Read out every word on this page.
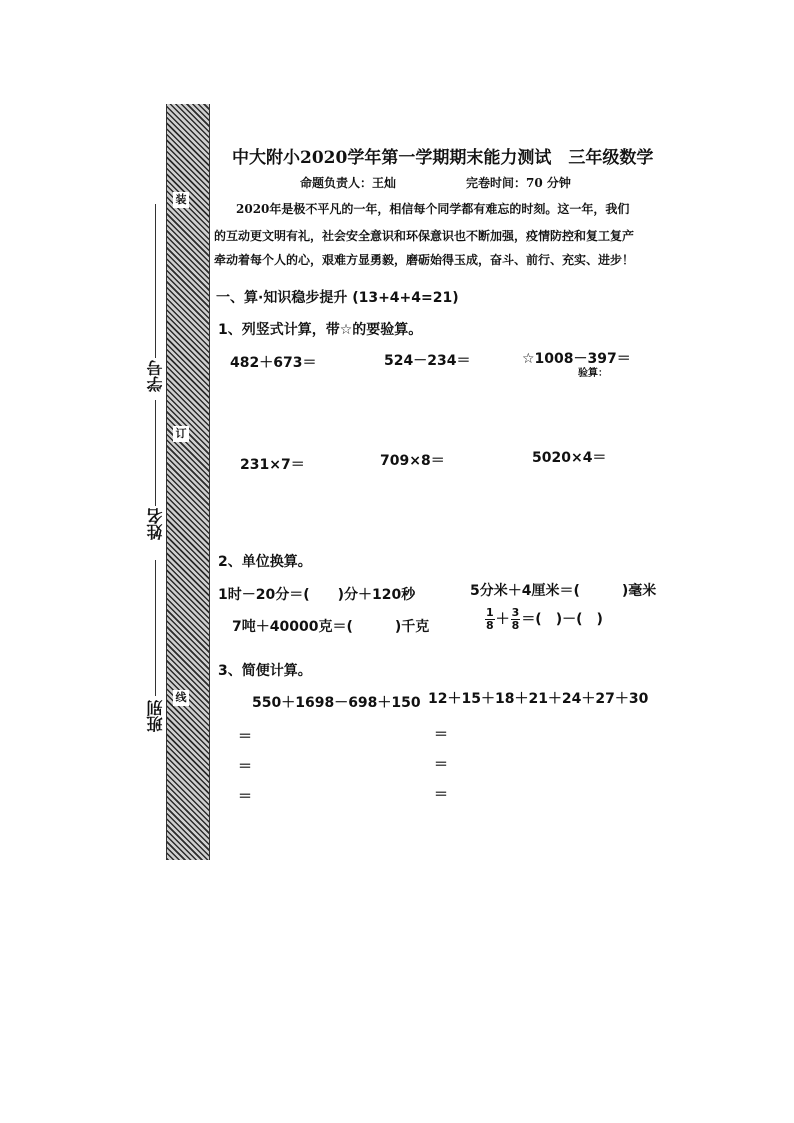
装
订
线
学号
姓名
班别
中大附小2020学年第一学期期末能力测试　三年级数学
命题负责人：王灿	完卷时间：70 分钟
2020年是极不平凡的一年，相信每个同学都有难忘的时刻。这一年，我们
的互动更文明有礼，社会安全意识和环保意识也不断加强，疫情防控和复工复产
牵动着每个人的心，艰难方显勇毅，磨砺始得玉成，奋斗、前行、充实、进步！
一、算·知识稳步提升 (13+4+4=21)
1、列竖式计算，带☆的要验算。
482＋673＝	524－234＝	☆1008－397＝
验算：
231×7＝	709×8＝	5020×4＝
2、单位换算。
1时－20分＝(　　)分＋120秒	5分米＋4厘米＝(　　　)毫米
7吨＋40000克＝(　　　)千克	$\frac{1}{8} + \frac{3}{8}$ ＝(　)－(　)
3、简便计算。
550＋1698－698＋150 12＋15＋18＋21＋24＋27＋30
＝
＝
＝
＝
＝
＝
